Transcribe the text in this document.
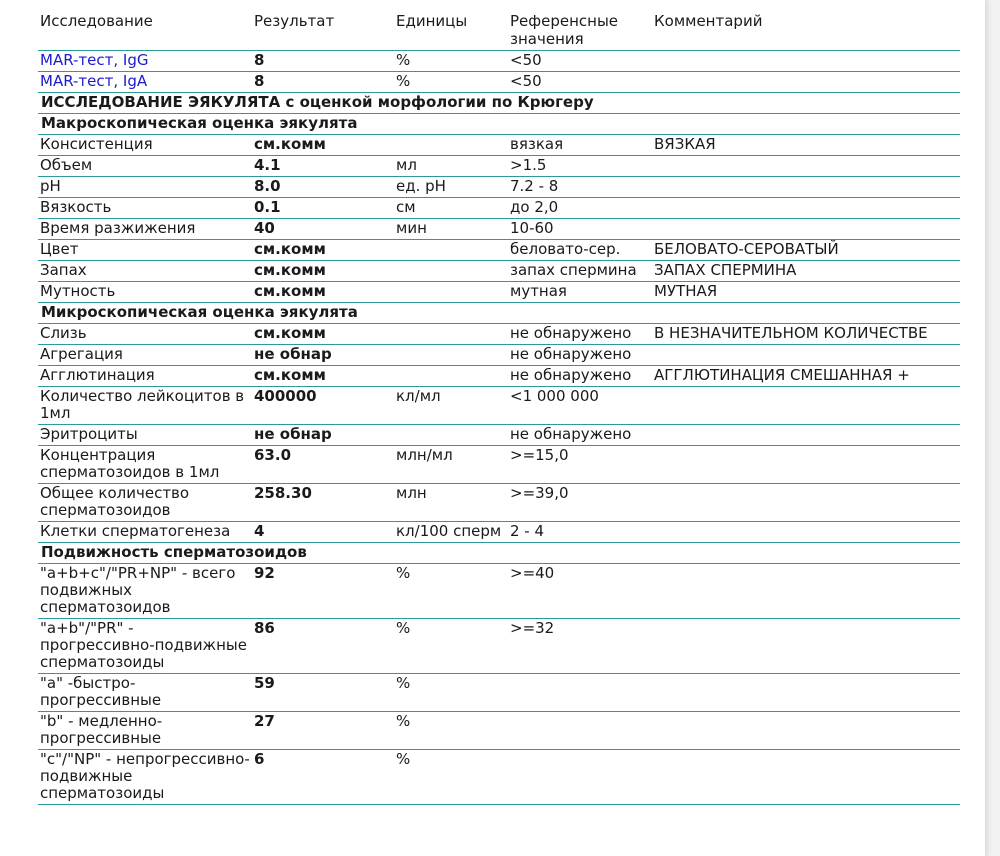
Исследование	Результат	Единицы	Референсные значения	Комментарий
MAR-тест, IgG	8	%	<50	
MAR-тест, IgA	8	%	<50	
ИССЛЕДОВАНИЕ ЭЯКУЛЯТА с оценкой морфологии по Крюгеру				
Макроскопическая оценка эякулята				
Консистенция	см.комм		вязкая	ВЯЗКАЯ
Объем	4.1	мл	>1.5	
pH	8.0	ед. pH	7.2 - 8	
Вязкость	0.1	см	до 2,0	
Время разжижения	40	мин	10-60	
Цвет	см.комм		беловато-сер.	БЕЛОВАТО-СЕРОВАТЫЙ
Запах	см.комм		запах спермина	ЗАПАХ СПЕРМИНА
Мутность	см.комм		мутная	МУТНАЯ
Микроскопическая оценка эякулята				
Слизь	см.комм		не обнаружено	В НЕЗНАЧИТЕЛЬНОМ КОЛИЧЕСТВЕ
Агрегация	не обнар		не обнаружено	
Агглютинация	см.комм		не обнаружено	АГГЛЮТИНАЦИЯ СМЕШАННАЯ +
Количество лейкоцитов в 1мл	400000	кл/мл	<1 000 000	
Эритроциты	не обнар		не обнаружено	
Концентрация сперматозоидов в 1мл	63.0	млн/мл	>=15,0	
Общее количество сперматозоидов	258.30	млн	>=39,0	
Клетки сперматогенеза	4	кл/100 сперм	2 - 4	
Подвижность сперматозоидов				
"a+b+c"/"PR+NP" - всего подвижных сперматозоидов	92	%	>=40	
"a+b"/"PR" - прогрессивно-подвижные сперматозоиды	86	%	>=32	
"a" -быстро-прогрессивные	59	%		
"b" - медленно-прогрессивные	27	%		
"c"/"NP" - непрогрессивно-подвижные сперматозоиды	6	%		
